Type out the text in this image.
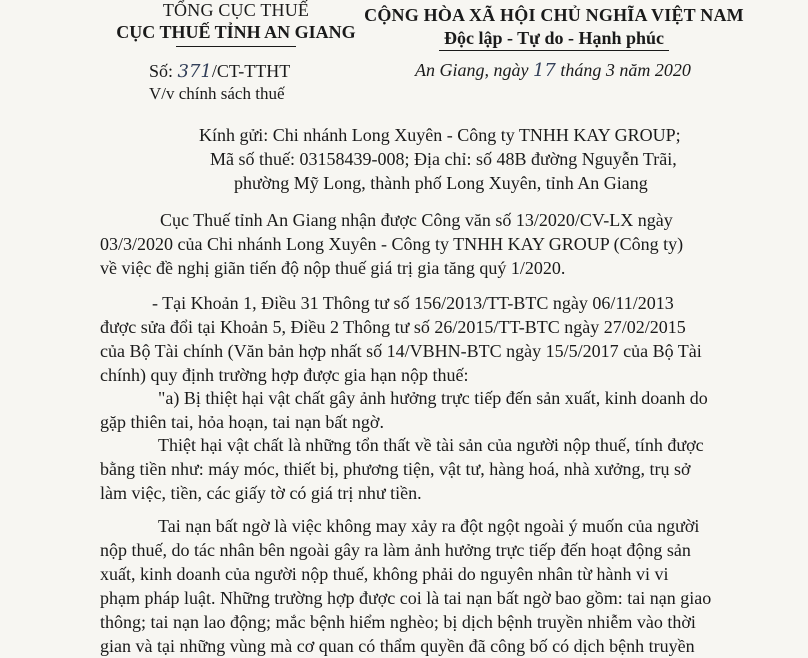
TỔNG CỤC THUẾ
CỤC THUẾ TỈNH AN GIANG
CỘNG HÒA XÃ HỘI CHỦ NGHĨA VIỆT NAM
Độc lập - Tự do - Hạnh phúc
Số: 371/CT-TTHT
V/v chính sách thuế
An Giang, ngày 17 tháng 3 năm 2020
Kính gửi: Chi nhánh Long Xuyên - Công ty TNHH KAY GROUP;
Mã số thuế: 03158439-008; Địa chỉ: số 48B đường Nguyễn Trãi,
phường Mỹ Long, thành phố Long Xuyên, tỉnh An Giang
Cục Thuế tỉnh An Giang nhận được Công văn số 13/2020/CV-LX ngày
03/3/2020 của Chi nhánh Long Xuyên - Công ty TNHH KAY GROUP (Công ty)
về việc đề nghị giãn tiến độ nộp thuế giá trị gia tăng quý 1/2020.
- Tại Khoản 1, Điều 31 Thông tư số 156/2013/TT-BTC ngày 06/11/2013
được sửa đổi tại Khoản 5, Điều 2 Thông tư số 26/2015/TT-BTC ngày 27/02/2015
của Bộ Tài chính (Văn bản hợp nhất số 14/VBHN-BTC ngày 15/5/2017 của Bộ Tài
chính) quy định trường hợp được gia hạn nộp thuế:
"a) Bị thiệt hại vật chất gây ảnh hưởng trực tiếp đến sản xuất, kinh doanh do
gặp thiên tai, hỏa hoạn, tai nạn bất ngờ.
Thiệt hại vật chất là những tổn thất về tài sản của người nộp thuế, tính được
bằng tiền như: máy móc, thiết bị, phương tiện, vật tư, hàng hoá, nhà xưởng, trụ sở
làm việc, tiền, các giấy tờ có giá trị như tiền.
Tai nạn bất ngờ là việc không may xảy ra đột ngột ngoài ý muốn của người
nộp thuế, do tác nhân bên ngoài gây ra làm ảnh hưởng trực tiếp đến hoạt động sản
xuất, kinh doanh của người nộp thuế, không phải do nguyên nhân từ hành vi vi
phạm pháp luật. Những trường hợp được coi là tai nạn bất ngờ bao gồm: tai nạn giao
thông; tai nạn lao động; mắc bệnh hiểm nghèo; bị dịch bệnh truyền nhiễm vào thời
gian và tại những vùng mà cơ quan có thẩm quyền đã công bố có dịch bệnh truyền
